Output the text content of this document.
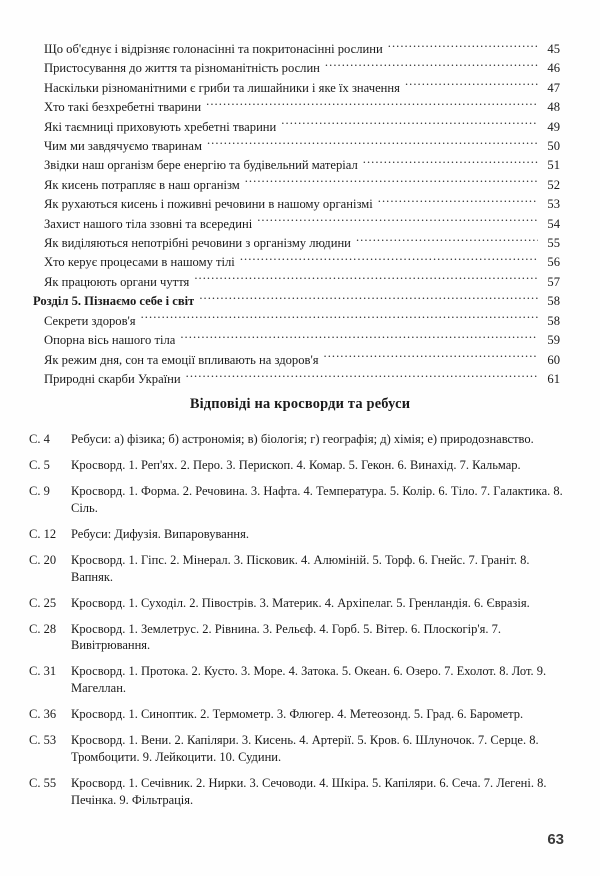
Що об'єднує і відрізняє голонасінні та покритонасінні рослини .....	45
Пристосування до життя та різноманітність рослин .....	46
Наскільки різноманітними є гриби та лишайники і яке їх значення .....	47
Хто такі безхребетні тварини .....	48
Які таємниці приховують хребетні тварини .....	49
Чим ми завдячуємо тваринам .....	50
Звідки наш організм бере енергію та будівельний матеріал .....	51
Як кисень потрапляє в наш організм .....	52
Як рухаються кисень і поживні речовини в нашому організмі .....	53
Захист нашого тіла ззовні та всередині .....	54
Як виділяються непотрібні речовини з організму людини .....	55
Хто керує процесами в нашому тілі .....	56
Як працюють органи чуття .....	57
Розділ 5. Пізнаємо себе і світ .....	58
Секрети здоров'я .....	58
Опорна вісь нашого тіла .....	59
Як режим дня, сон та емоції впливають на здоров'я .....	60
Природні скарби України .....	61
Відповіді на кросворди та ребуси
С. 4	Ребуси: а) фізика; б) астрономія; в) біологія; г) географія; д) хімія; е) природознавство.
С. 5	Кросворд. 1. Реп'ях. 2. Перо. 3. Перископ. 4. Комар. 5. Гекон. 6. Винахід. 7. Кальмар.
С. 9	Кросворд. 1. Форма. 2. Речовина. 3. Нафта. 4. Температура. 5. Колір. 6. Тіло. 7. Галактика. 8. Сіль.
С. 12	Ребуси: Дифузія. Випаровування.
С. 20	Кросворд. 1. Гіпс. 2. Мінерал. 3. Пісковик. 4. Алюміній. 5. Торф. 6. Гнейс. 7. Граніт. 8. Вапняк.
С. 25	Кросворд. 1. Суходіл. 2. Півострів. 3. Материк. 4. Архіпелаг. 5. Гренландія. 6. Євразія.
С. 28	Кросворд. 1. Землетрус. 2. Рівнина. 3. Рельєф. 4. Горб. 5. Вітер. 6. Плоскогір'я. 7. Вивітрювання.
С. 31	Кросворд. 1. Протока. 2. Кусто. 3. Море. 4. Затока. 5. Океан. 6. Озеро. 7. Ехолот. 8. Лот. 9. Магеллан.
С. 36	Кросворд. 1. Синоптик. 2. Термометр. 3. Флюгер. 4. Метеозонд. 5. Град. 6. Барометр.
С. 53	Кросворд. 1. Вени. 2. Капіляри. 3. Кисень. 4. Артерії. 5. Кров. 6. Шлуночок. 7. Серце. 8. Тромбоцити. 9. Лейкоцити. 10. Судини.
С. 55	Кросворд. 1. Сечівник. 2. Нирки. 3. Сечоводи. 4. Шкіра. 5. Капіляри. 6. Сеча. 7. Легені. 8. Печінка. 9. Фільтрація.
63
